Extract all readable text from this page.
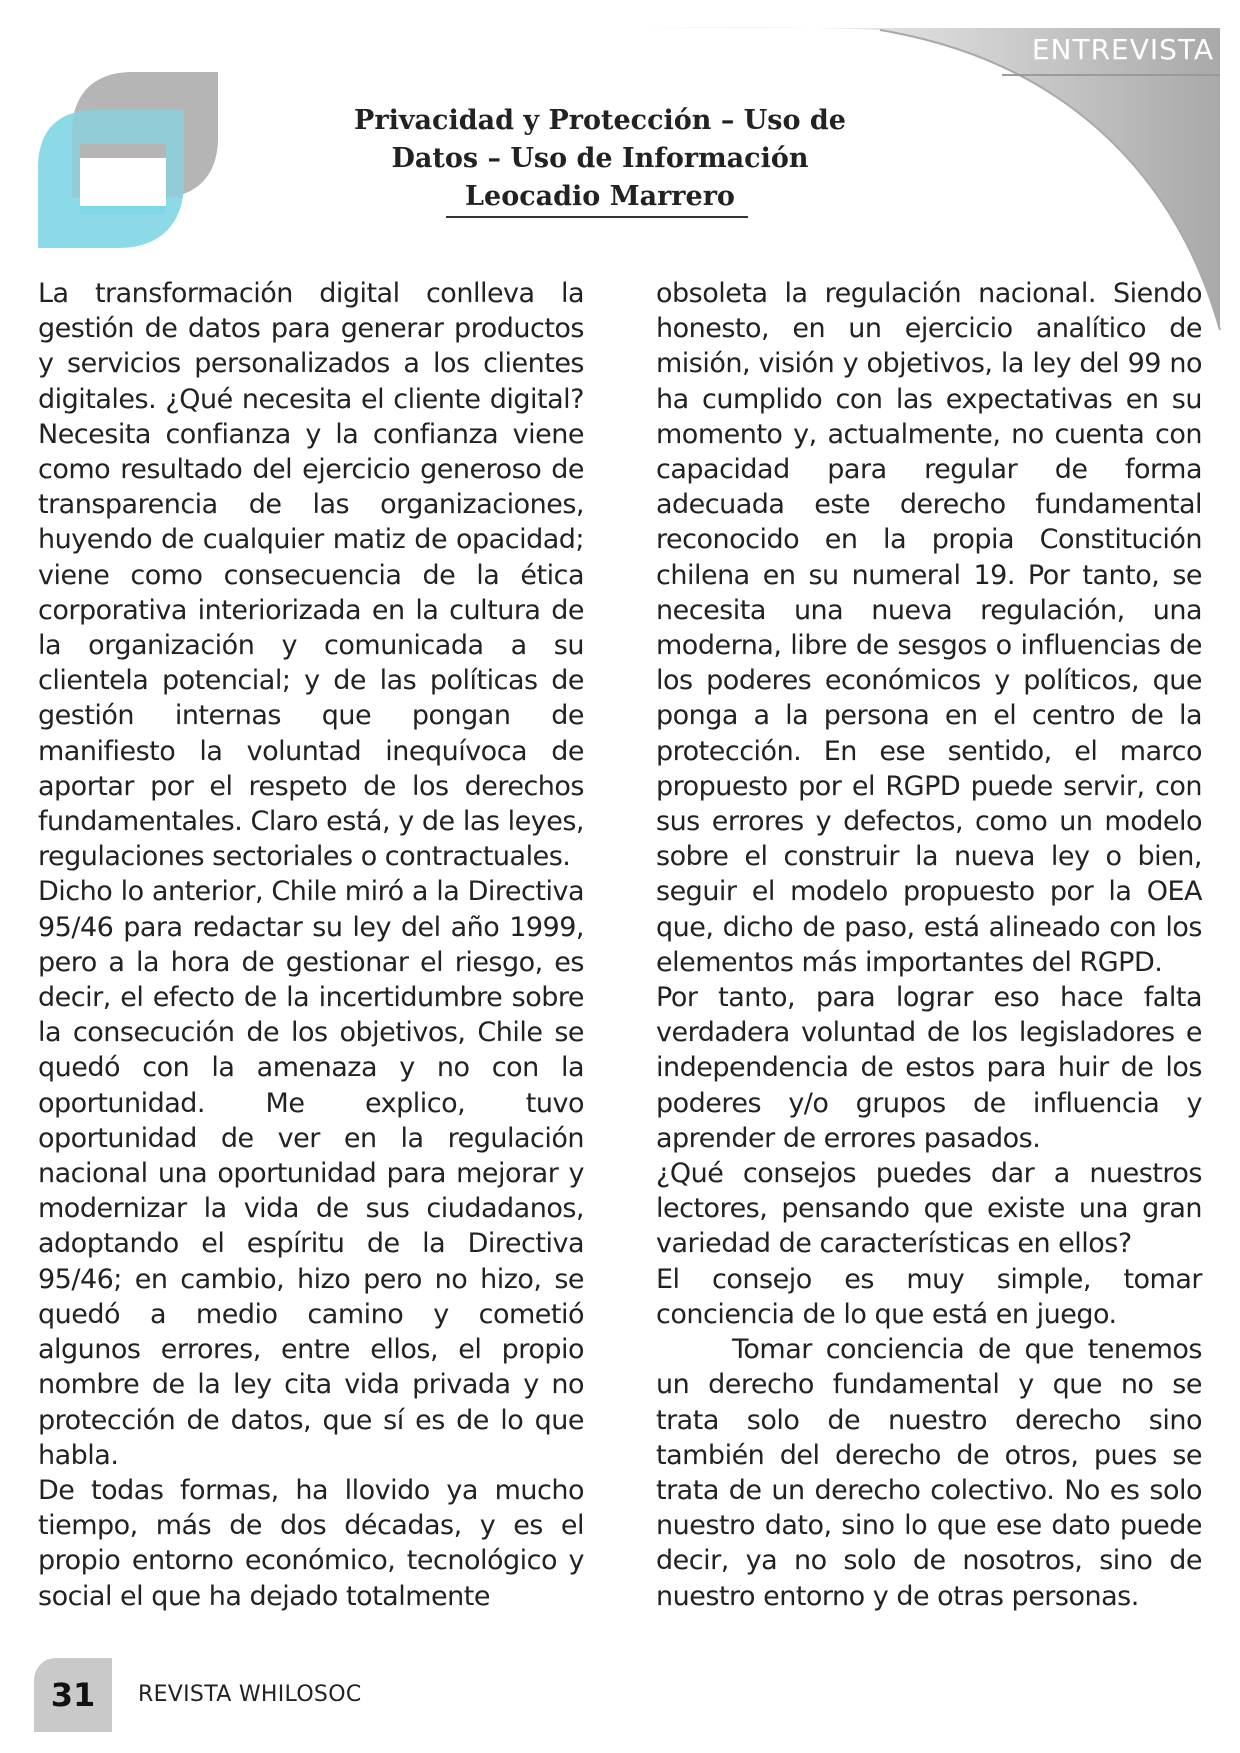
ENTREVISTA
Privacidad y Protección – Uso de
Datos – Uso de Información
Leocadio Marrero

La transformación digital conlleva la gestión de datos para generar productos y servicios personalizados a los clientes digitales. ¿Qué necesita el cliente digital? Necesita confianza y la confianza viene como resultado del ejercicio generoso de transparencia de las organizaciones, huyendo de cualquier matiz de opacidad; viene como consecuencia de la ética corporativa interiorizada en la cultura de la organización y comunicada a su clientela potencial; y de las políticas de gestión internas que pongan de manifiesto la voluntad inequívoca de aportar por el respeto de los derechos fundamentales. Claro está, y de las leyes, regulaciones sectoriales o contractuales.

Dicho lo anterior, Chile miró a la Directiva 95/46 para redactar su ley del año 1999, pero a la hora de gestionar el riesgo, es decir, el efecto de la incertidumbre sobre la consecución de los objetivos, Chile se quedó con la amenaza y no con la oportunidad. Me explico, tuvo oportunidad de ver en la regulación nacional una oportunidad para mejorar y modernizar la vida de sus ciudadanos, adoptando el espíritu de la Directiva 95/46; en cambio, hizo pero no hizo, se quedó a medio camino y cometió algunos errores, entre ellos, el propio nombre de la ley cita vida privada y no protección de datos, que sí es de lo que habla.

De todas formas, ha llovido ya mucho tiempo, más de dos décadas, y es el propio entorno económico, tecnológico y social el que ha dejado totalmente

obsoleta la regulación nacional. Siendo honesto, en un ejercicio analítico de misión, visión y objetivos, la ley del 99 no ha cumplido con las expectativas en su momento y, actualmente, no cuenta con capacidad para regular de forma adecuada este derecho fundamental reconocido en la propia Constitución chilena en su numeral 19. Por tanto, se necesita una nueva regulación, una moderna, libre de sesgos o influencias de los poderes económicos y políticos, que ponga a la persona en el centro de la protección. En ese sentido, el marco propuesto por el RGPD puede servir, con sus errores y defectos, como un modelo sobre el construir la nueva ley o bien, seguir el modelo propuesto por la OEA que, dicho de paso, está alineado con los elementos más importantes del RGPD.

Por tanto, para lograr eso hace falta verdadera voluntad de los legisladores e independencia de estos para huir de los poderes y/o grupos de influencia y aprender de errores pasados.

¿Qué consejos puedes dar a nuestros lectores, pensando que existe una gran variedad de características en ellos?

El consejo es muy simple, tomar conciencia de lo que está en juego.

Tomar conciencia de que tenemos un derecho fundamental y que no se trata solo de nuestro derecho sino también del derecho de otros, pues se trata de un derecho colectivo. No es solo nuestro dato, sino lo que ese dato puede decir, ya no solo de nosotros, sino de nuestro entorno y de otras personas.

31	REVISTA WHILOSOC
